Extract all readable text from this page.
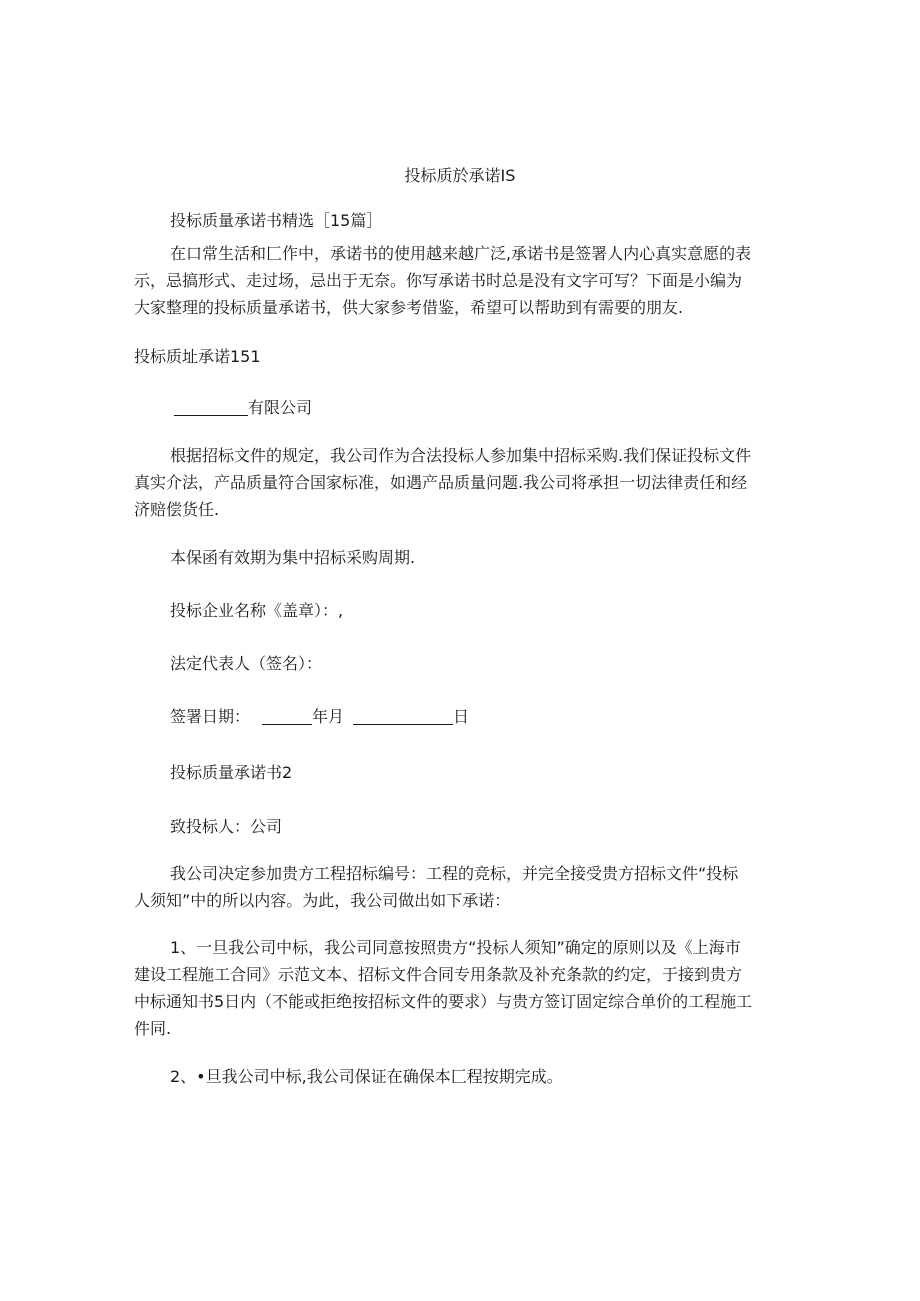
投标质於承诺IS
投标质量承诺书精选［15篇］
在口常生活和匚作中，承诺书的使用越来越广泛,承诺书是签署人内心真实意愿的表
示，忌搞形式、走过场，忌出于无奈。你写承诺书时总是没有文字可写？下面是小编为
大家整理的投标质量承诺书，供大家参考借鉴，希望可以帮助到有需要的朋友.
投标质址承诺151
有限公司
根据招标文件的规定，我公司作为合法投标人参加集中招标采购.我们保证投标文件
真实介法，产品质量符合国家标准，如遇产品质量问题.我公司将承担一切法律责任和经
济赔偿货任.
本保函有效期为集中招标采购周期.
投标企业名称《盖章）：,
法定代表人（签名）：
签署日期：	年月	日
投标质量承诺书2
致投标人：公司
我公司决定参加贵方工程招标编号：工程的竞标，并完全接受贵方招标文件“投标
人须知”中的所以内容。为此，我公司做出如下承诺：
1、一旦我公司中标，我公司同意按照贵方“投标人须知”确定的原则以及《上海市
建设工程施工合同》示范文本、招标文件合同专用条款及补充条款的约定，于接到贵方
中标通知书5日内（不能或拒绝按招标文件的要求）与贵方签订固定综合单价的工程施工
件同.
2、•旦我公司中标,我公司保证在确保本匚程按期完成。
